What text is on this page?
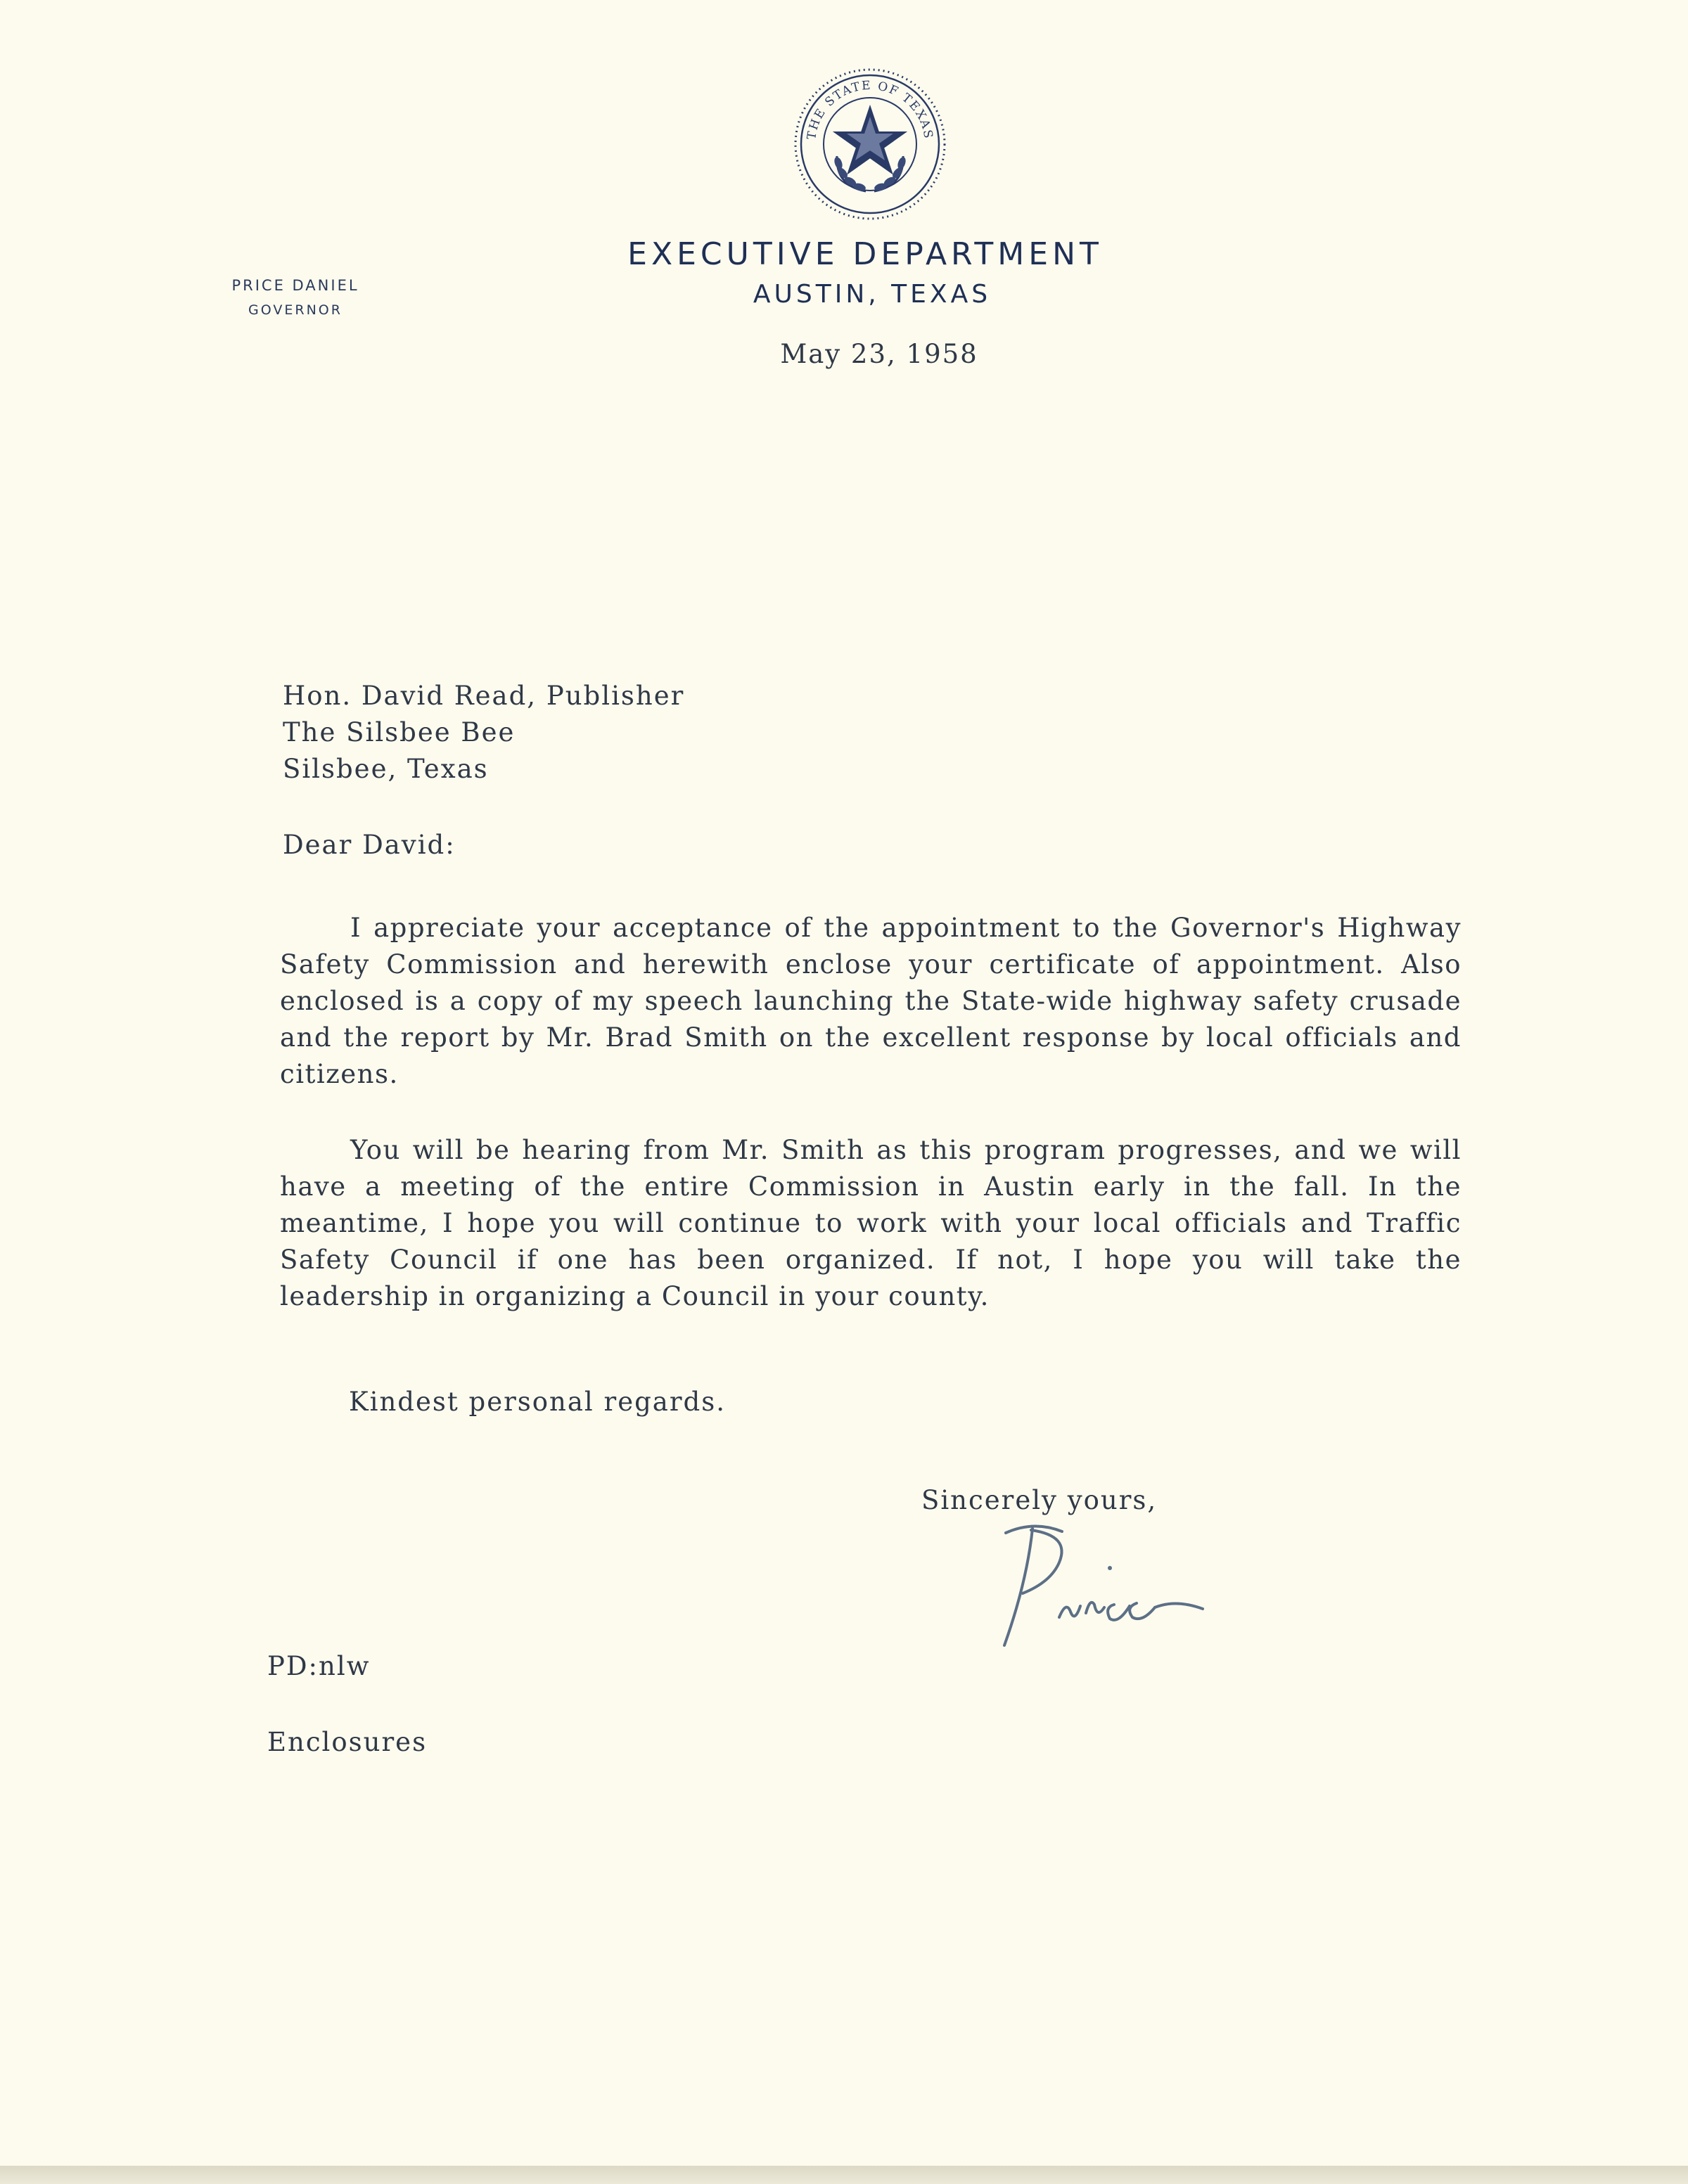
THE STATE OF TEXAS
EXECUTIVE DEPARTMENT
AUSTIN, TEXAS
PRICE DANIEL
GOVERNOR
May 23, 1958
Hon. David Read, Publisher
The Silsbee Bee
Silsbee, Texas
Dear David:
I appreciate your acceptance of the appointment to the Governor's Highway Safety Commission and herewith enclose your certificate of appointment. Also enclosed is a copy of my speech launching the State-wide highway safety crusade and the report by Mr. Brad Smith on the excellent response by local officials and citizens.
You will be hearing from Mr. Smith as this program progresses, and we will have a meeting of the entire Commission in Austin early in the fall. In the meantime, I hope you will continue to work with your local officials and Traffic Safety Council if one has been organized. If not, I hope you will take the leadership in organizing a Council in your county.
Kindest personal regards.
Sincerely yours,
PD:nlw
Enclosures
